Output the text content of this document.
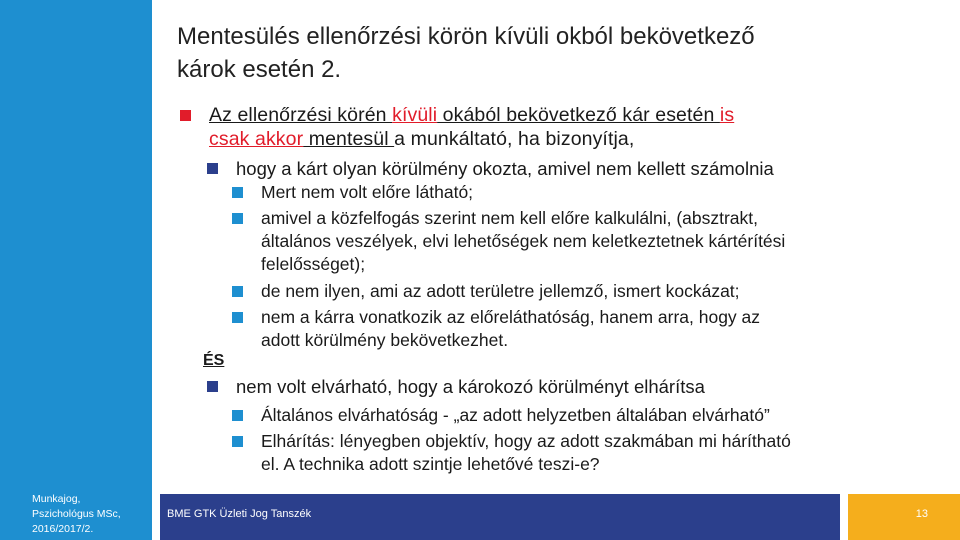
Munkajog,
Pszichológus MSc,
2016/2017/2.
Mentesülés ellenőrzési körön kívüli okból bekövetkező
károk esetén 2.
Az ellenőrzési körén kívüli okából bekövetkező kár esetén is
csak akkor mentesül a munkáltató, ha bizonyítja,
hogy a kárt olyan körülmény okozta, amivel nem kellett számolnia
Mert nem volt előre látható;
amivel a közfelfogás szerint nem kell előre kalkulálni, (absztrakt,
általános veszélyek, elvi lehetőségek nem keletkeztetnek kártérítési
felelősséget);
de nem ilyen, ami az adott területre jellemző, ismert kockázat;
nem a kárra vonatkozik az előreláthatóság, hanem arra, hogy az
adott körülmény bekövetkezhet.
ÉS
nem volt elvárható, hogy a károkozó körülményt elhárítsa
Általános elvárhatóság - „az adott helyzetben általában elvárható”
Elhárítás: lényegben objektív, hogy az adott szakmában mi hárítható
el. A technika adott szintje lehetővé teszi-e?
BME GTK Üzleti Jog Tanszék	13
